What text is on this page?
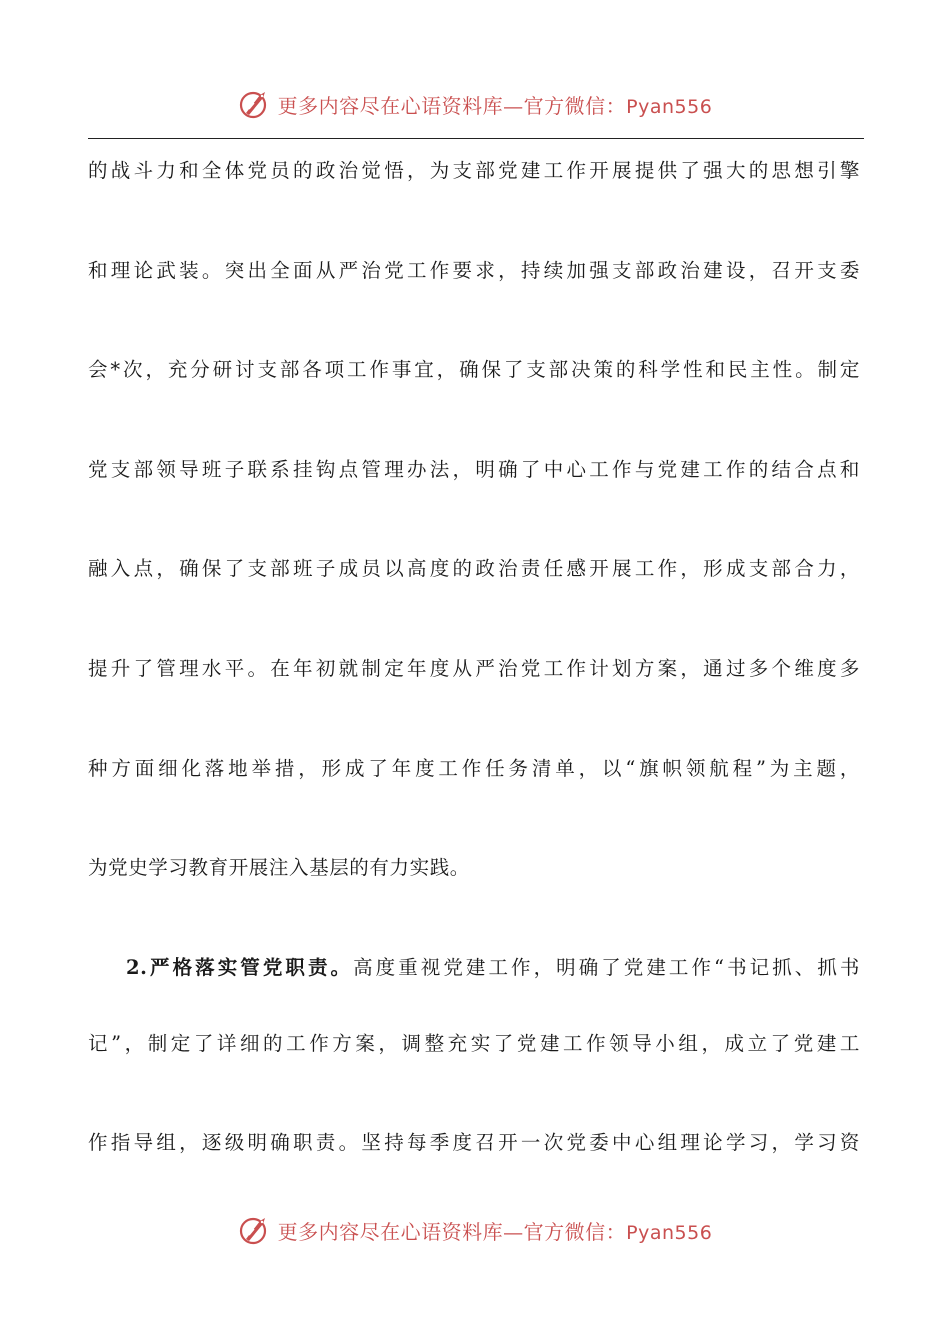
更多内容尽在心语资料库—官方微信：Pyan556
的战斗力和全体党员的政治觉悟，为支部党建工作开展提供了强大的思想引擎
和理论武装。突出全面从严治党工作要求，持续加强支部政治建设，召开支委
会*次，充分研讨支部各项工作事宜，确保了支部决策的科学性和民主性。制定
党支部领导班子联系挂钩点管理办法，明确了中心工作与党建工作的结合点和
融入点，确保了支部班子成员以高度的政治责任感开展工作，形成支部合力，
提升了管理水平。在年初就制定年度从严治党工作计划方案，通过多个维度多
种方面细化落地举措，形成了年度工作任务清单，以“旗帜领航程”为主题，
为党史学习教育开展注入基层的有力实践。
2.严格落实管党职责。高度重视党建工作，明确了党建工作“书记抓、抓书
记”，制定了详细的工作方案，调整充实了党建工作领导小组，成立了党建工
作指导组，逐级明确职责。坚持每季度召开一次党委中心组理论学习，学习资
更多内容尽在心语资料库—官方微信：Pyan556
